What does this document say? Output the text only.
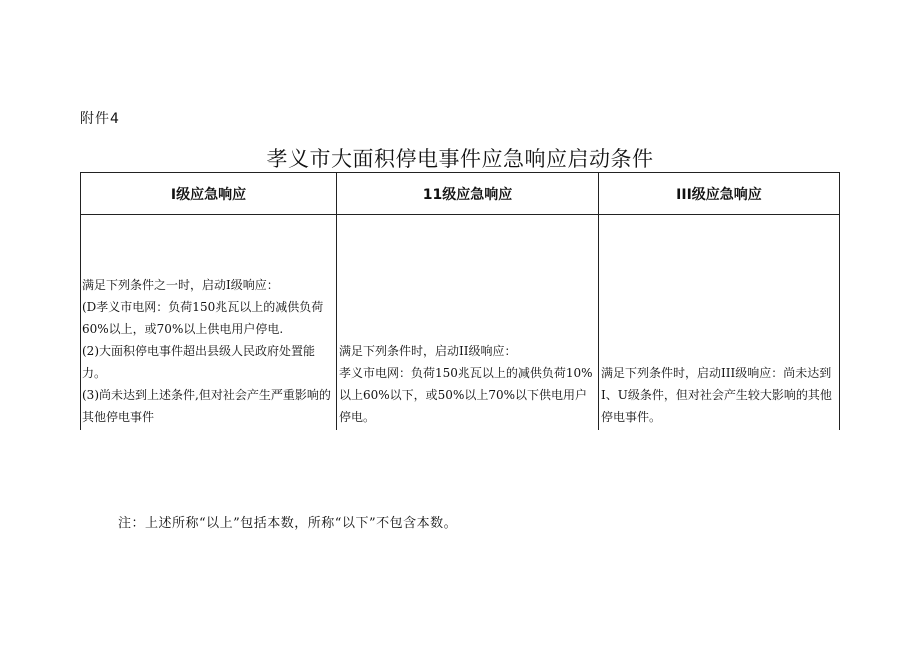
附件4
孝义市大面积停电事件应急响应启动条件
I级应急响应	11级应急响应	III级应急响应

满足下列条件之一时，启动I级响应：

(D孝义市电网：负荷150兆瓦以上的减供负荷60%以上，或70%以上供电用户停电.

(2)大面积停电事件超出县级人民政府处置能力。

(3)尚未达到上述条件,但对社会产生严重影响的其他停电事件

满足下列条件时，启动II级响应：

孝义市电网：负荷150兆瓦以上的减供负荷10%以上60%以下，或50%以上70%以下供电用户停电。

满足下列条件时，启动III级响应：尚未达到I、U级条件，但对社会产生较大影响的其他停电事件。

注：上述所称“以上”包括本数，所称“以下”不包含本数。
